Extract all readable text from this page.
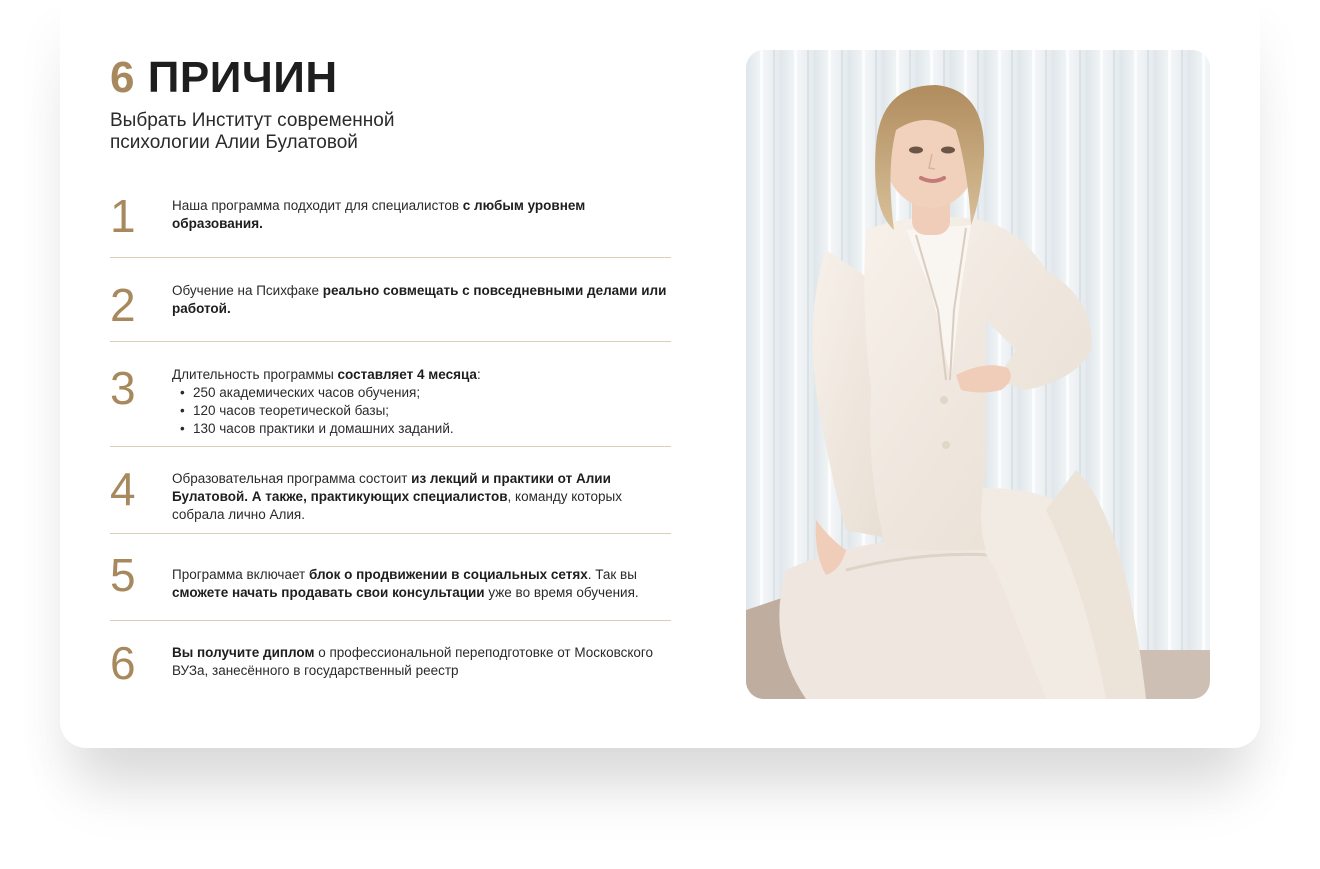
6 ПРИЧИН

Выбрать Институт современной психологии Алии Булатовой

1	Наша программа подходит для специалистов с любым уровнем образования.
2	Обучение на Психфаке реально совмещать с повседневными делами или работой.
3	Длительность программы составляет 4 месяца:
• 250 академических часов обучения;
• 120 часов теоретической базы;
• 130 часов практики и домашних заданий.
4	Образовательная программа состоит из лекций и практики от Алии Булатовой. А также, практикующих специалистов, команду которых собрала лично Алия.
5	Программа включает блок о продвижении в социальных сетях. Так вы сможете начать продавать свои консультации уже во время обучения.
6	Вы получите диплом о профессиональной переподготовке от Московского ВУЗа, занесённого в государственный реестр
